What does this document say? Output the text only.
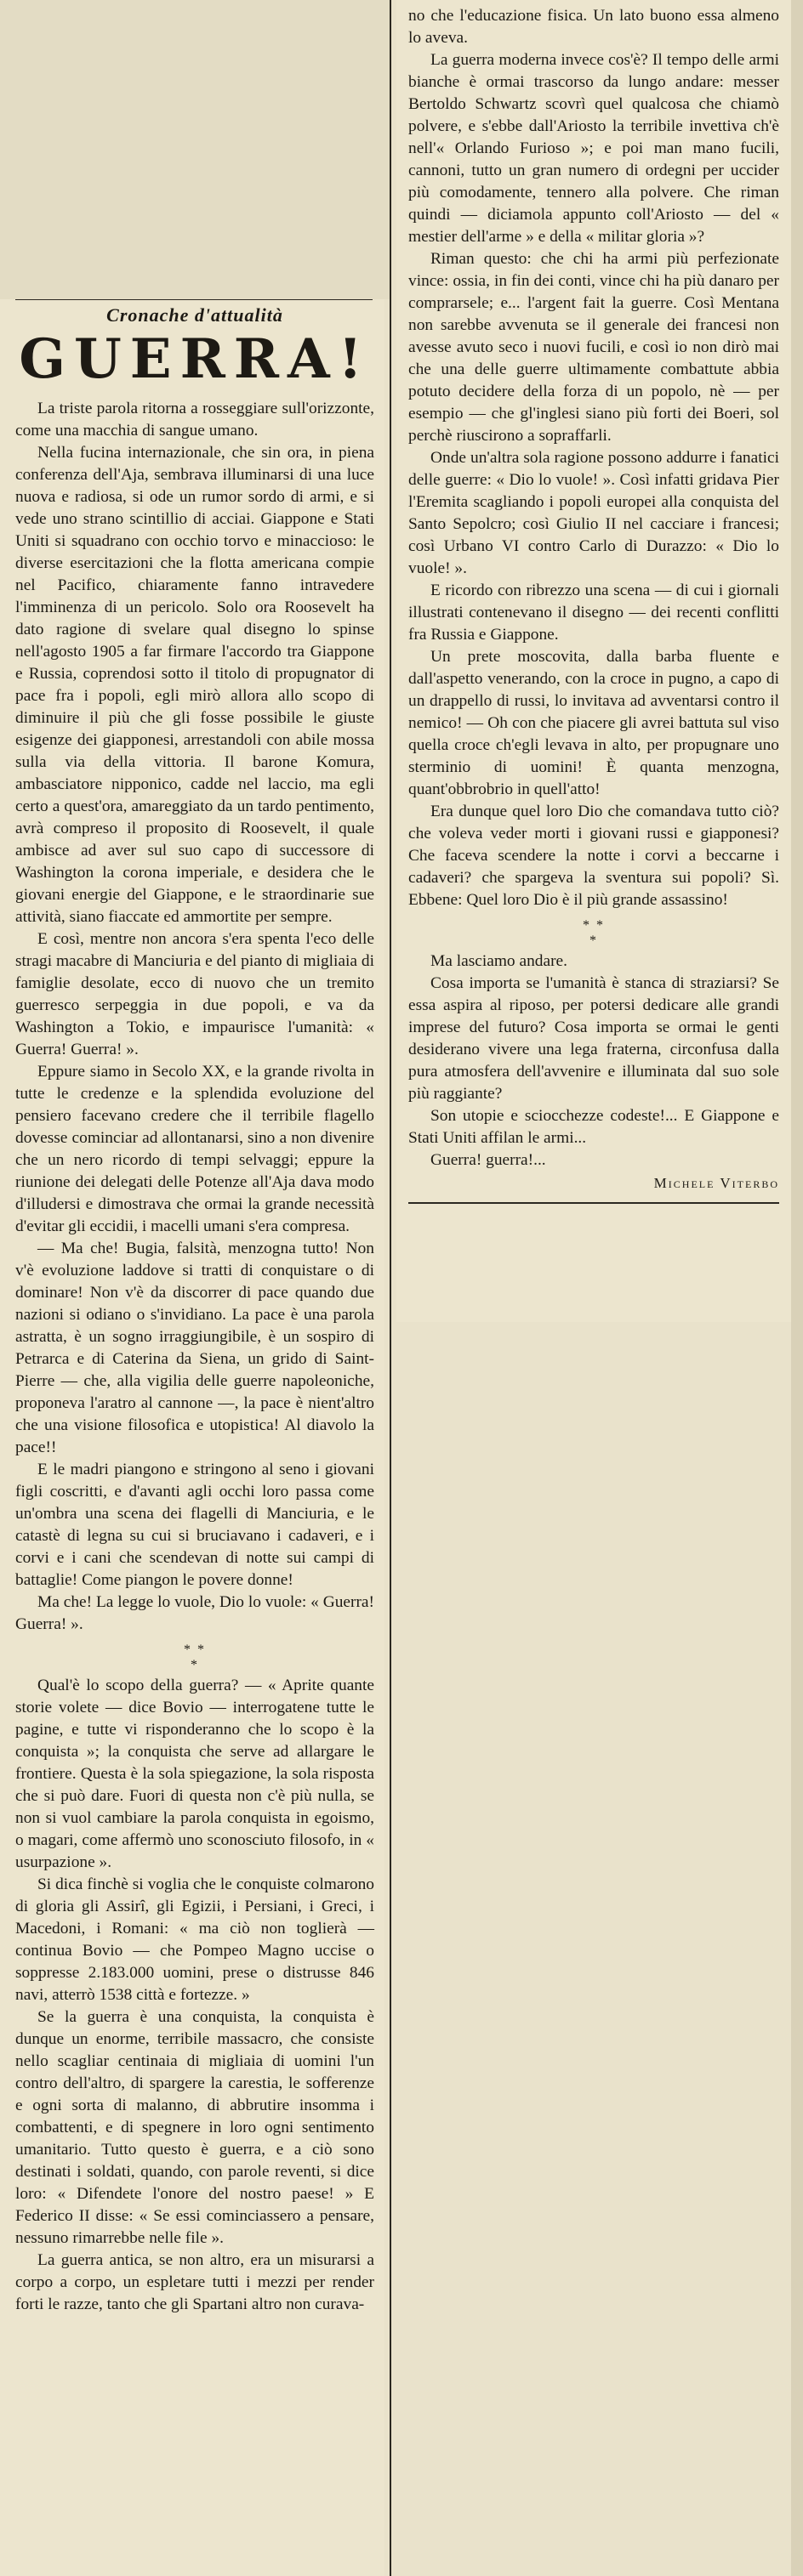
Cronache d'attualità
GUERRA!

La triste parola ritorna a rosseggiare sull'orizzonte, come una macchia di sangue umano.

Nella fucina internazionale, che sin ora, in piena conferenza dell'Aja, sembrava illuminarsi di una luce nuova e radiosa, si ode un rumor sordo di armi, e si vede uno strano scintillio di acciai. Giappone e Stati Uniti si squadrano con occhio torvo e minaccioso: le diverse esercitazioni che la flotta americana compie nel Pacifico, chiaramente fanno intravedere l'imminenza di un pericolo. Solo ora Roosevelt ha dato ragione di svelare qual disegno lo spinse nell'agosto 1905 a far firmare l'accordo tra Giappone e Russia, coprendosi sotto il titolo di propugnator di pace fra i popoli, egli mirò allora allo scopo di diminuire il più che gli fosse possibile le giuste esigenze dei giapponesi, arrestandoli con abile mossa sulla via della vittoria. Il barone Komura, ambasciatore nipponico, cadde nel laccio, ma egli certo a quest'ora, amareggiato da un tardo pentimento, avrà compreso il proposito di Roosevelt, il quale ambisce ad aver sul suo capo di successore di Washington la corona imperiale, e desidera che le giovani energie del Giappone, e le straordinarie sue attività, siano fiaccate ed ammortite per sempre.

E così, mentre non ancora s'era spenta l'eco delle stragi macabre di Manciuria e del pianto di migliaia di famiglie desolate, ecco di nuovo che un tremito guerresco serpeggia in due popoli, e va da Washington a Tokio, e impaurisce l'umanità: « Guerra! Guerra! ».

Eppure siamo in Secolo XX, e la grande rivolta in tutte le credenze e la splendida evoluzione del pensiero facevano credere che il terribile flagello dovesse cominciar ad allontanarsi, sino a non divenire che un nero ricordo di tempi selvaggi; eppure la riunione dei delegati delle Potenze all'Aja dava modo d'illudersi e dimostrava che ormai la grande necessità d'evitar gli eccidii, i macelli umani s'era compresa.

— Ma che! Bugia, falsità, menzogna tutto! Non v'è evoluzione laddove si tratti di conquistare o di dominare! Non v'è da discorrer di pace quando due nazioni si odiano o s'invidiano. La pace è una parola astratta, è un sogno irraggiungibile, è un sospiro di Petrarca e di Caterina da Siena, un grido di Saint-Pierre — che, alla vigilia delle guerre napoleoniche, proponeva l'aratro al cannone —, la pace è nient'altro che una visione filosofica e utopistica! Al diavolo la pace!!

E le madri piangono e stringono al seno i giovani figli coscritti, e d'avanti agli occhi loro passa come un'ombra una scena dei flagelli di Manciuria, e le catastè di legna su cui si bruciavano i cadaveri, e i corvi e i cani che scendevan di notte sui campi di battaglie! Come piangon le povere donne!

Ma che! La legge lo vuole, Dio lo vuole: « Guerra! Guerra! ».

* *
*

Qual'è lo scopo della guerra? — « Aprite quante storie volete — dice Bovio — interrogatene tutte le pagine, e tutte vi risponderanno che lo scopo è la conquista »; la conquista che serve ad allargare le frontiere. Questa è la sola spiegazione, la sola risposta che si può dare. Fuori di questa non c'è più nulla, se non si vuol cambiare la parola conquista in egoismo, o magari, come affermò uno sconosciuto filosofo, in « usurpazione ».

Si dica finchè si voglia che le conquiste colmarono di gloria gli Assirî, gli Egizii, i Persiani, i Greci, i Macedoni, i Romani: « ma ciò non toglierà — continua Bovio — che Pompeo Magno uccise o soppresse 2.183.000 uomini, prese o distrusse 846 navi, atterrò 1538 città e fortezze. »

Se la guerra è una conquista, la conquista è dunque un enorme, terribile massacro, che consiste nello scagliar centinaia di migliaia di uomini l'un contro dell'altro, di spargere la carestia, le sofferenze e ogni sorta di malanno, di abbrutire insomma i combattenti, e di spegnere in loro ogni sentimento umanitario. Tutto questo è guerra, e a ciò sono destinati i soldati, quando, con parole reventi, si dice loro: « Difendete l'onore del nostro paese! » E Federico II disse: « Se essi cominciassero a pensare, nessuno rimarrebbe nelle file ».

La guerra antica, se non altro, era un misurarsi a corpo a corpo, un espletare tutti i mezzi per render forti le razze, tanto che gli Spartani altro non curava-

no che l'educazione fisica. Un lato buono essa almeno lo aveva.

La guerra moderna invece cos'è? Il tempo delle armi bianche è ormai trascorso da lungo andare: messer Bertoldo Schwartz scovrì quel qualcosa che chiamò polvere, e s'ebbe dall'Ariosto la terribile invettiva ch'è nell'« Orlando Furioso »; e poi man mano fucili, cannoni, tutto un gran numero di ordegni per uccider più comodamente, tennero alla polvere. Che riman quindi — diciamola appunto coll'Ariosto — del « mestier dell'arme » e della « militar gloria »?

Riman questo: che chi ha armi più perfezionate vince: ossia, in fin dei conti, vince chi ha più danaro per comprarsele; e... l'argent fait la guerre. Così Mentana non sarebbe avvenuta se il generale dei francesi non avesse avuto seco i nuovi fucili, e così io non dirò mai che una delle guerre ultimamente combattute abbia potuto decidere della forza di un popolo, nè — per esempio — che gl'inglesi siano più forti dei Boeri, sol perchè riuscirono a sopraffarli.

Onde un'altra sola ragione possono addurre i fanatici delle guerre: « Dio lo vuole! ». Così infatti gridava Pier l'Eremita scagliando i popoli europei alla conquista del Santo Sepolcro; così Giulio II nel cacciare i francesi; così Urbano VI contro Carlo di Durazzo: « Dio lo vuole! ».

E ricordo con ribrezzo una scena — di cui i giornali illustrati contenevano il disegno — dei recenti conflitti fra Russia e Giappone.

Un prete moscovita, dalla barba fluente e dall'aspetto venerando, con la croce in pugno, a capo di un drappello di russi, lo invitava ad avventarsi contro il nemico! — Oh con che piacere gli avrei battuta sul viso quella croce ch'egli levava in alto, per propugnare uno sterminio di uomini! È quanta menzogna, quant'obbrobrio in quell'atto!

Era dunque quel loro Dio che comandava tutto ciò? che voleva veder morti i giovani russi e giapponesi? Che faceva scendere la notte i corvi a beccarne i cadaveri? che spargeva la sventura sui popoli? Sì. Ebbene: Quel loro Dio è il più grande assassino!

* *
*

Ma lasciamo andare.

Cosa importa se l'umanità è stanca di straziarsi? Se essa aspira al riposo, per potersi dedicare alle grandi imprese del futuro? Cosa importa se ormai le genti desiderano vivere una lega fraterna, circonfusa dalla pura atmosfera dell'avvenire e illuminata dal suo sole più raggiante?

Son utopie e sciocchezze codeste!... E Giappone e Stati Uniti affilan le armi...

Guerra! guerra!...

Michele Viterbo
